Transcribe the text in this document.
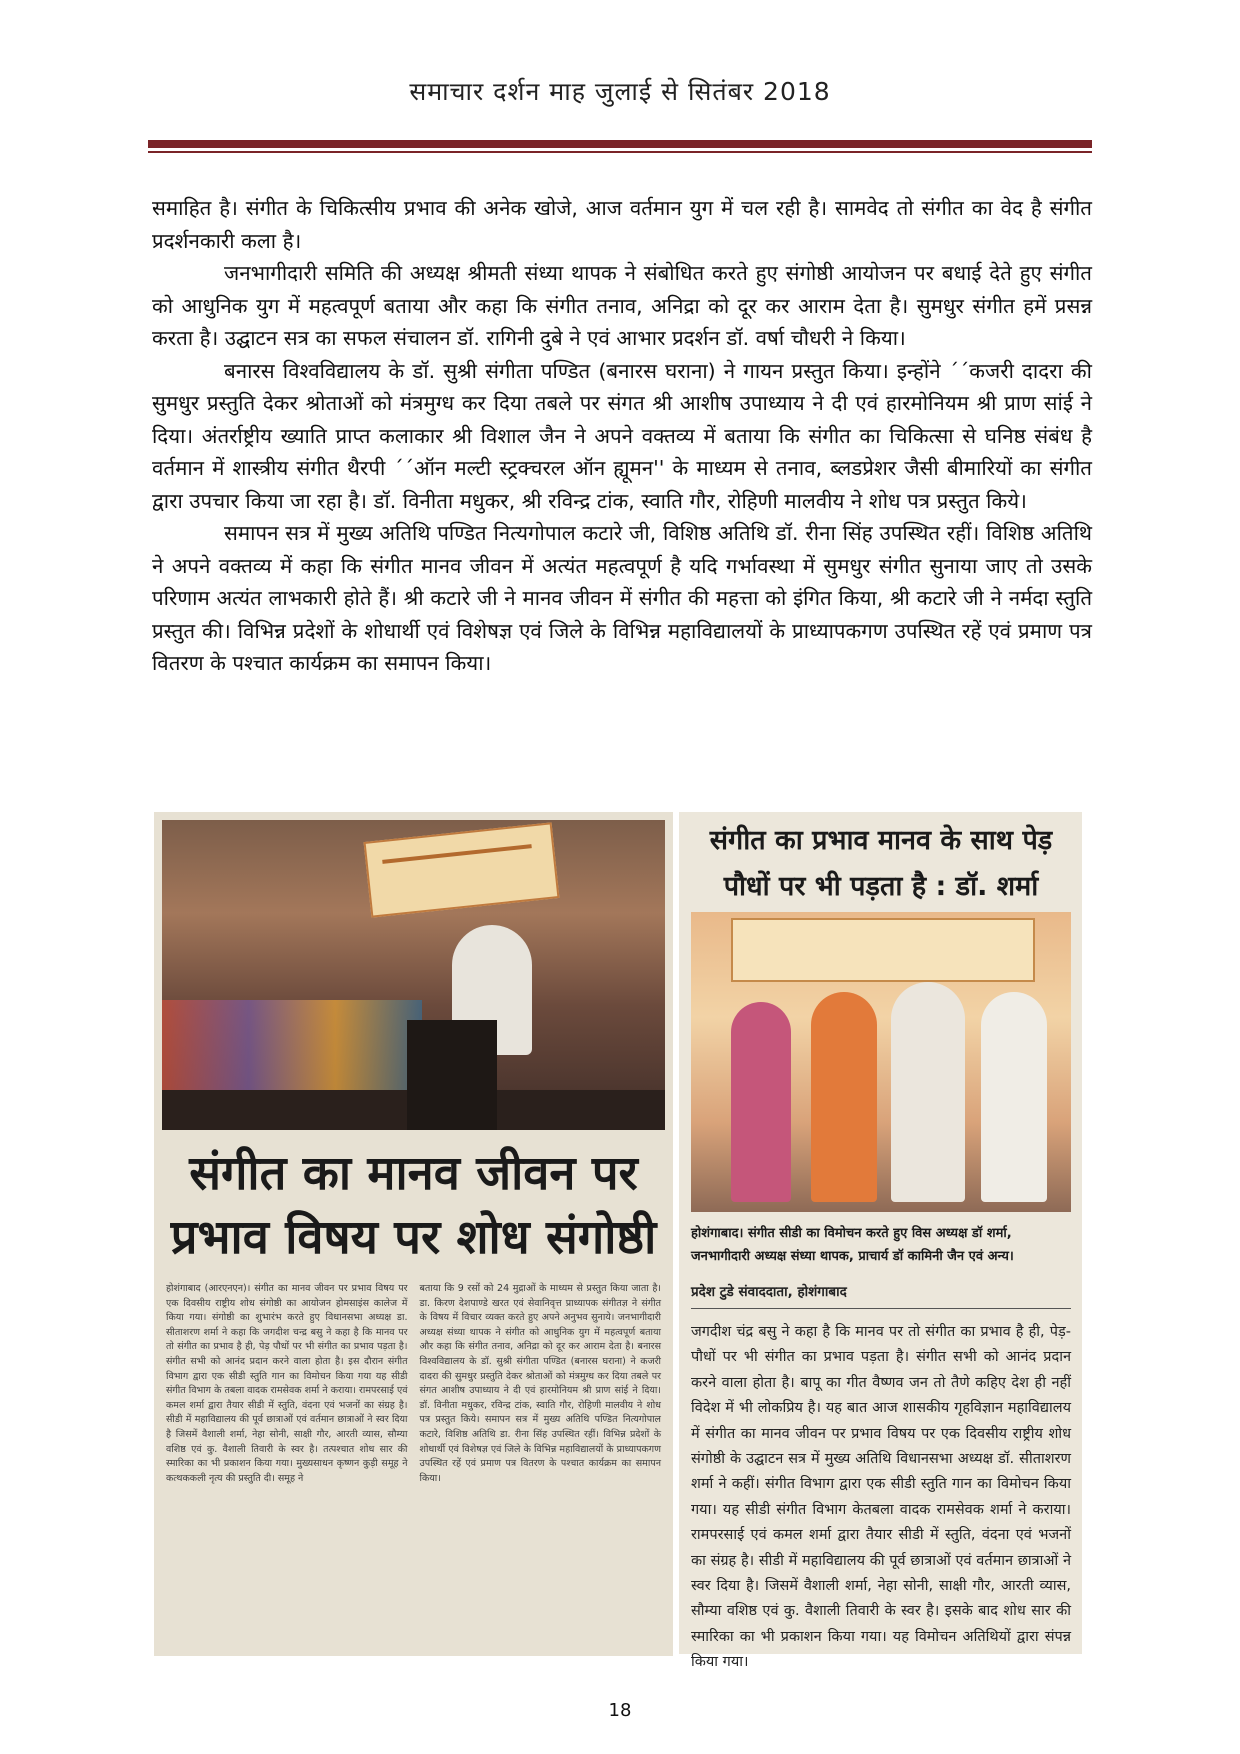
समाचार दर्शन माह जुलाई से सितंबर 2018

समाहित है। संगीत के चिकित्सीय प्रभाव की अनेक खोजे, आज वर्तमान युग में चल रही है। सामवेद तो संगीत का वेद है संगीत प्रदर्शनकारी कला है।

जनभागीदारी समिति की अध्यक्ष श्रीमती संध्या थापक ने संबोधित करते हुए संगोष्ठी आयोजन पर बधाई देते हुए संगीत को आधुनिक युग में महत्वपूर्ण बताया और कहा कि संगीत तनाव, अनिद्रा को दूर कर आराम देता है। सुमधुर संगीत हमें प्रसन्न करता है। उद्घाटन सत्र का सफल संचालन डॉ. रागिनी दुबे ने एवं आभार प्रदर्शन डॉ. वर्षा चौधरी ने किया।

बनारस विश्वविद्यालय के डॉ. सुश्री संगीता पण्डित (बनारस घराना) ने गायन प्रस्तुत किया। इन्होंने ´´कजरी दादरा की सुमधुर प्रस्तुति देकर श्रोताओं को मंत्रमुग्ध कर दिया तबले पर संगत श्री आशीष उपाध्याय ने दी एवं हारमोनियम श्री प्राण सांई ने दिया। अंतर्राष्ट्रीय ख्याति प्राप्त कलाकार श्री विशाल जैन ने अपने वक्तव्य में बताया कि संगीत का चिकित्सा से घनिष्ठ संबंध है वर्तमान में शास्त्रीय संगीत थैरपी ´´ऑन मल्टी स्ट्रक्चरल ऑन ह्यूमन'' के माध्यम से तनाव, ब्लडप्रेशर जैसी बीमारियों का संगीत द्वारा उपचार किया जा रहा है। डॉ. विनीता मधुकर, श्री रविन्द्र टांक, स्वाति गौर, रोहिणी मालवीय ने शोध पत्र प्रस्तुत किये।

समापन सत्र में मुख्य अतिथि पण्डित नित्यगोपाल कटारे जी, विशिष्ठ अतिथि डॉ. रीना सिंह उपस्थित रहीं। विशिष्ठ अतिथि ने अपने वक्तव्य में कहा कि संगीत मानव जीवन में अत्यंत महत्वपूर्ण है यदि गर्भावस्था में सुमधुर संगीत सुनाया जाए तो उसके परिणाम अत्यंत लाभकारी होते हैं। श्री कटारे जी ने मानव जीवन में संगीत की महत्ता को इंगित किया, श्री कटारे जी ने नर्मदा स्तुति प्रस्तुत की। विभिन्न प्रदेशों के शोधार्थी एवं विशेषज्ञ एवं जिले के विभिन्न महाविद्यालयों के प्राध्यापकगण उपस्थित रहें एवं प्रमाण पत्र वितरण के पश्चात कार्यक्रम का समापन किया।

संगीत का मानव जीवन पर प्रभाव विषय पर शोध संगोष्ठी
होशंगाबाद (आरएनएन)। संगीत का मानव जीवन पर प्रभाव विषय पर एक दिवसीय राष्ट्रीय शोध संगोष्ठी का आयोजन होमसाइंस कालेज में किया गया। संगोष्ठी का शुभारंभ करते हुए विधानसभा अध्यक्ष डा. सीताशरण शर्मा ने कहा कि जगदीश चन्द्र बसु ने कहा है कि मानव पर तो संगीत का प्रभाव है ही, पेड़ पौधों पर भी संगीत का प्रभाव पड़ता है। संगीत सभी को आनंद प्रदान करने वाला होता है। इस दौरान संगीत विभाग द्वारा एक सीडी स्तुति गान का विमोचन किया गया यह सीडी संगीत विभाग के तबला वादक रामसेवक शर्मा ने कराया। रामपरसाई एवं कमल शर्मा द्वारा तैयार सीडी में स्तुति, वंदना एवं भजनों का संग्रह है। सीडी में महाविद्यालय की पूर्व छात्राओं एवं वर्तमान छात्राओं ने स्वर दिया है जिसमें वैशाली शर्मा, नेहा सोनी, साक्षी गौर, आरती व्यास, सौम्या वशिष्ठ एवं कु. वैशाली तिवारी के स्वर है। तत्पश्चात शोध सार की स्मारिका का भी प्रकाशन किया गया। मुख्यसाधन कृष्णन कुड़ी समूह ने कत्थककली नृत्य की प्रस्तुति दी। समूह ने
बताया कि 9 रसों को 24 मुद्राओं के माध्यम से प्रस्तुत किया जाता है। डा. किरण देशपाण्डे खरत एवं सेवानिवृत्त प्राध्यापक संगीतज्ञ ने संगीत के विषय में विचार व्यक्त करते हुए अपने अनुभव सुनाये। जनभागीदारी अध्यक्ष संध्या थापक ने संगीत को आधुनिक युग में महत्वपूर्ण बताया और कहा कि संगीत तनाव, अनिद्रा को दूर कर आराम देता है। बनारस विश्वविद्यालय के डॉ. सुश्री संगीता पण्डित (बनारस घराना) ने कजरी दादरा की सुमधुर प्रस्तुति देकर श्रोताओं को मंत्रमुग्ध कर दिया तबले पर संगत आशीष उपाध्याय ने दी एवं हारमोनियम श्री प्राण सांई ने दिया। डॉ. विनीता मधुकर, रविन्द्र टांक, स्वाति गौर, रोहिणी मालवीय ने शोध पत्र प्रस्तुत किये। समापन सत्र में मुख्य अतिथि पण्डित नित्यगोपाल कटारे, विशिष्ठ अतिथि डा. रीना सिंह उपस्थित रहीं। विभिन्न प्रदेशों के शोधार्थी एवं विशेषज्ञ एवं जिले के विभिन्न महाविद्यालयों के प्राध्यापकगण उपस्थित रहें एवं प्रमाण पत्र वितरण के पश्चात कार्यक्रम का समापन किया।
संगीत का प्रभाव मानव के साथ पेड़ पौधों पर भी पड़ता है : डॉ. शर्मा
होशंगाबाद। संगीत सीडी का विमोचन करते हुए विस अध्यक्ष डॉ शर्मा, जनभागीदारी अध्यक्ष संध्या थापक, प्राचार्य डॉ कामिनी जैन एवं अन्य।
प्रदेश टुडे संवाददाता, होशंगाबाद
जगदीश चंद्र बसु ने कहा है कि मानव पर तो संगीत का प्रभाव है ही, पेड़-पौधों पर भी संगीत का प्रभाव पड़ता है। संगीत सभी को आनंद प्रदान करने वाला होता है। बापू का गीत वैष्णव जन तो तैणे कहिए देश ही नहीं विदेश में भी लोकप्रिय है। यह बात आज शासकीय गृहविज्ञान महाविद्यालय में संगीत का मानव जीवन पर प्रभाव विषय पर एक दिवसीय राष्ट्रीय शोध संगोष्ठी के उद्घाटन सत्र में मुख्य अतिथि विधानसभा अध्यक्ष डॉ. सीताशरण शर्मा ने कहीं। संगीत विभाग द्वारा एक सीडी स्तुति गान का विमोचन किया गया। यह सीडी संगीत विभाग केतबला वादक रामसेवक शर्मा ने कराया। रामपरसाई एवं कमल शर्मा द्वारा तैयार सीडी में स्तुति, वंदना एवं भजनों का संग्रह है। सीडी में महाविद्यालय की पूर्व छात्राओं एवं वर्तमान छात्राओं ने स्वर दिया है। जिसमें वैशाली शर्मा, नेहा सोनी, साक्षी गौर, आरती व्यास, सौम्या वशिष्ठ एवं कु. वैशाली तिवारी के स्वर है। इसके बाद शोध सार की स्मारिका का भी प्रकाशन किया गया। यह विमोचन अतिथियों द्वारा संपन्न किया गया।
18
